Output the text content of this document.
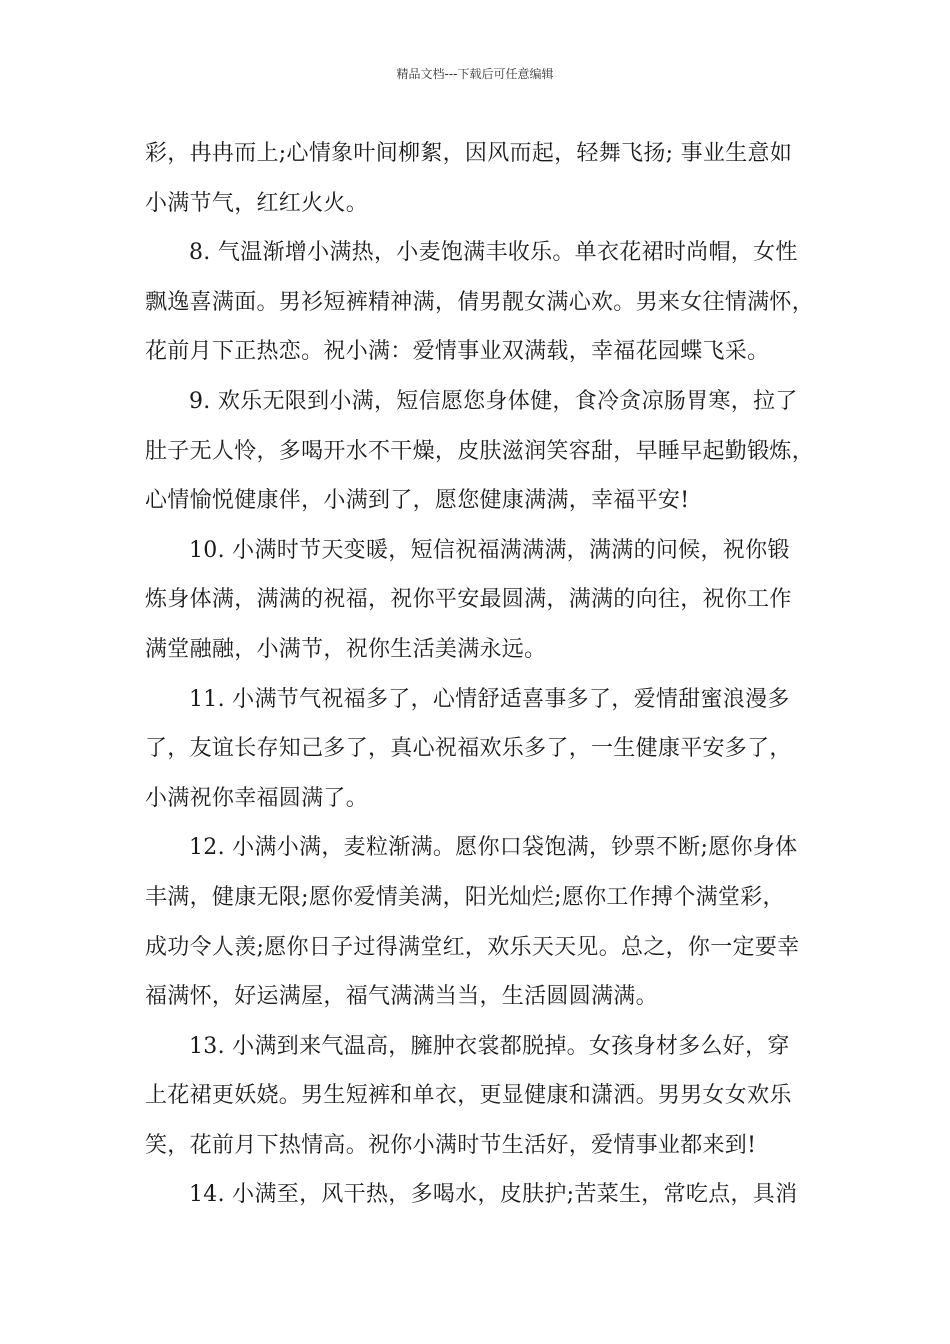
精品文档---下载后可任意编辑
彩，冉冉而上;心情象叶间柳絮，因风而起，轻舞飞扬; 事业生意如
小满节气，红红火火。
8. 气温渐增小满热，小麦饱满丰收乐。单衣花裙时尚帽，女性
飘逸喜满面。男衫短裤精神满，倩男靓女满心欢。男来女往情满怀，
花前月下正热恋。祝小满：爱情事业双满载，幸福花园蝶飞采。
9. 欢乐无限到小满，短信愿您身体健，食冷贪凉肠胃寒，拉了
肚子无人怜，多喝开水不干燥，皮肤滋润笑容甜，早睡早起勤锻炼，
心情愉悦健康伴，小满到了，愿您健康满满，幸福平安!
10. 小满时节天变暖，短信祝福满满满，满满的问候，祝你锻
炼身体满，满满的祝福，祝你平安最圆满，满满的向往，祝你工作
满堂融融，小满节，祝你生活美满永远。
11. 小满节气祝福多了，心情舒适喜事多了，爱情甜蜜浪漫多
了，友谊长存知己多了，真心祝福欢乐多了，一生健康平安多了，
小满祝你幸福圆满了。
12. 小满小满，麦粒渐满。愿你口袋饱满，钞票不断;愿你身体
丰满，健康无限;愿你爱情美满，阳光灿烂;愿你工作搏个满堂彩，
成功令人羡;愿你日子过得满堂红，欢乐天天见。总之，你一定要幸
福满怀，好运满屋，福气满满当当，生活圆圆满满。
13. 小满到来气温高，臃肿衣裳都脱掉。女孩身材多么好，穿
上花裙更妖娆。男生短裤和单衣，更显健康和潇洒。男男女女欢乐
笑，花前月下热情高。祝你小满时节生活好，爱情事业都来到!
14. 小满至，风干热，多喝水，皮肤护;苦菜生，常吃点，具消
